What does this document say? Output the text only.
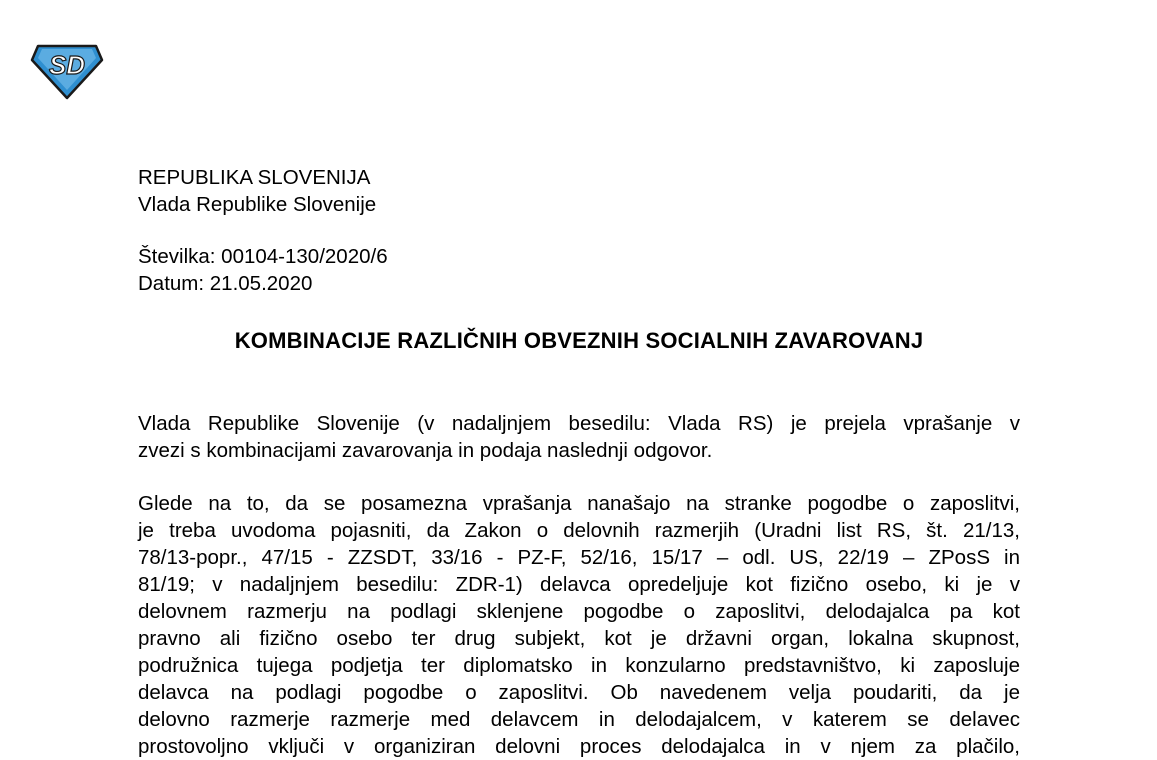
SD
REPUBLIKA SLOVENIJA
Vlada Republike Slovenije
Številka: 00104-130/2020/6
Datum: 21.05.2020
KOMBINACIJE RAZLIČNIH OBVEZNIH SOCIALNIH ZAVAROVANJ
Vlada Republike Slovenije (v nadaljnjem besedilu: Vlada RS) je prejela vprašanje v
zvezi s kombinacijami zavarovanja in podaja naslednji odgovor.
Glede na to, da se posamezna vprašanja nanašajo na stranke pogodbe o zaposlitvi,
je treba uvodoma pojasniti, da Zakon o delovnih razmerjih (Uradni list RS, št. 21/13,
78/13-popr., 47/15 - ZZSDT, 33/16 - PZ-F, 52/16, 15/17 – odl. US, 22/19 – ZPosS in
81/19; v nadaljnjem besedilu: ZDR-1) delavca opredeljuje kot fizično osebo, ki je v
delovnem razmerju na podlagi sklenjene pogodbe o zaposlitvi, delodajalca pa kot
pravno ali fizično osebo ter drug subjekt, kot je državni organ, lokalna skupnost,
podružnica tujega podjetja ter diplomatsko in konzularno predstavništvo, ki zaposluje
delavca na podlagi pogodbe o zaposlitvi. Ob navedenem velja poudariti, da je
delovno razmerje razmerje med delavcem in delodajalcem, v katerem se delavec
prostovoljno vključi v organiziran delovni proces delodajalca in v njem za plačilo,
